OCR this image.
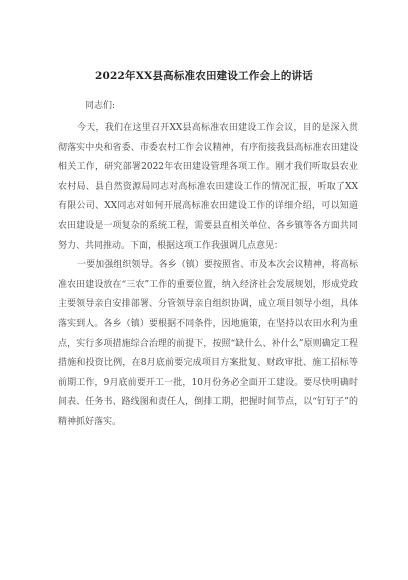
2022年XX县高标准农田建设工作会上的讲话

同志们:

今天，我们在这里召开XX县高标准农田建设工作会议，目的是深入贯彻落实中央和省委、市委农村工作会议精神，有序衔接我县高标准农田建设相关工作，研究部署2022年农田建设管理各项工作。刚才我们听取县农业农村局、县自然资源局同志对高标准农田建设工作的情况汇报，听取了XX有限公司、XX同志对如何开展高标准农田建设工作的详细介绍，可以知道农田建设是一项复杂的系统工程，需要县直相关单位、各乡镇等各方面共同努力、共同推动。下面，根据这项工作我强调几点意见：

一要加强组织领导。各乡（镇）要按照省、市及本次会议精神，将高标准农田建设放在“三农”工作的重要位置，纳入经济社会发展规划，形成党政主要领导亲自安排部署、分管领导亲自组织协调，成立项目领导小组，具体落实到人。各乡（镇）要根据不同条件，因地施策，在坚持以农田水利为重点，实行多项措施综合治理的前提下，按照“缺什么、补什么”原则确定工程措施和投资比例，在8月底前要完成项目方案批复、财政审批、施工招标等前期工作，9月底前要开工一批，10月份务必全面开工建设。要尽快明确时间表、任务书、路线图和责任人，倒排工期，把握时间节点，以“钉钉子”的精神抓好落实。
